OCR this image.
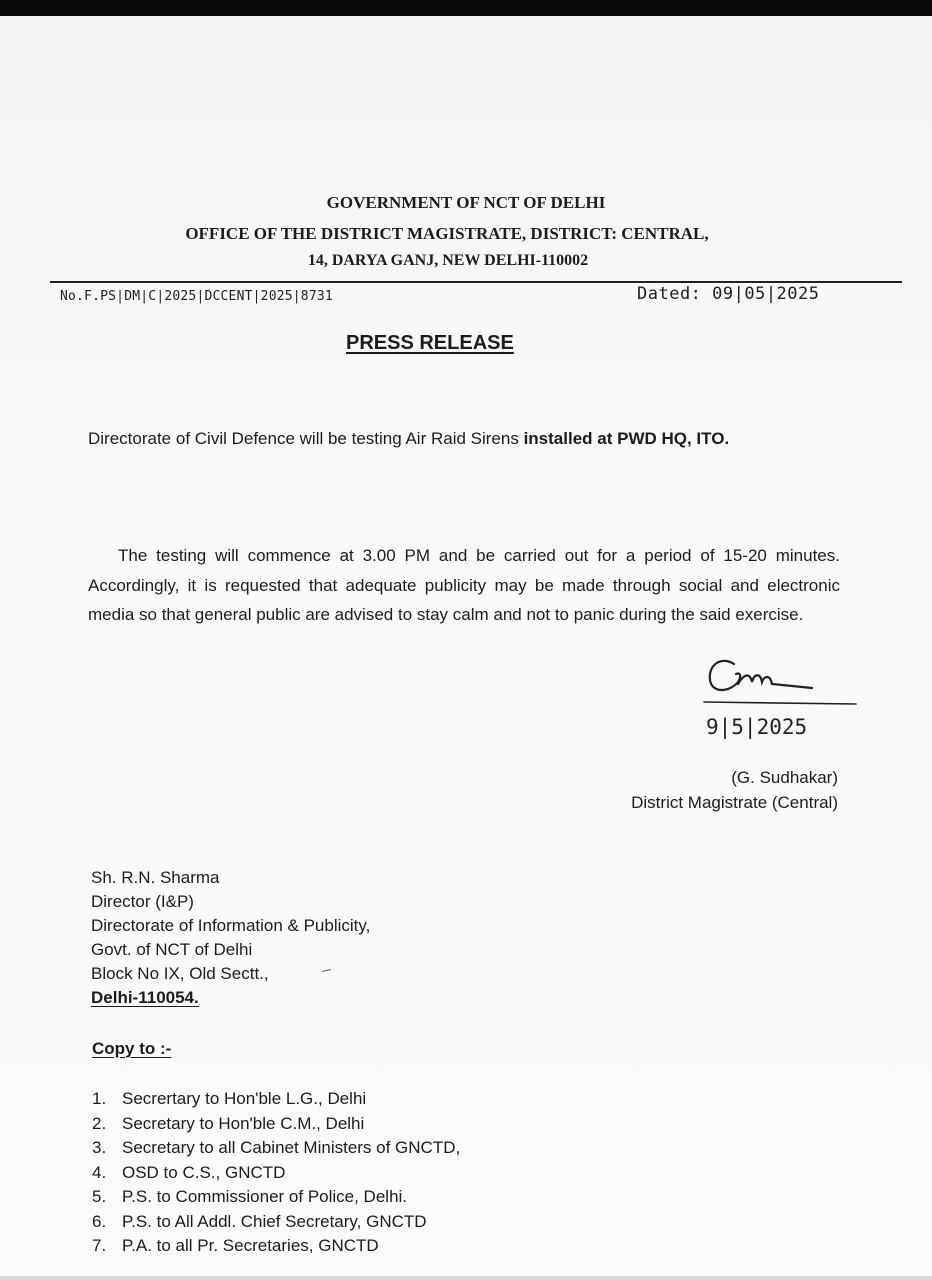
GOVERNMENT OF NCT OF DELHI
OFFICE OF THE DISTRICT MAGISTRATE, DISTRICT: CENTRAL,
14, DARYA GANJ, NEW DELHI-110002
No.F.PS|DM|C|2025|DCCENT|2025|8731	Dated: 09|05|2025
PRESS RELEASE
Directorate of Civil Defence will be testing Air Raid Sirens installed at PWD HQ, ITO.
The testing will commence at 3.00 PM and be carried out for a period of 15-20 minutes. Accordingly, it is requested that adequate publicity may be made through social and electronic media so that general public are advised to stay calm and not to panic during the said exercise.
9|5|2025
(G. Sudhakar)
District Magistrate (Central)
Sh. R.N. Sharma
Director (I&P)
Directorate of Information & Publicity,
Govt. of NCT of Delhi
Block No IX, Old Sectt.,
Delhi-110054.
Copy to :-
1. Secrertary to Hon'ble L.G., Delhi
2. Secretary to Hon'ble C.M., Delhi
3. Secretary to all Cabinet Ministers of GNCTD,
4. OSD to C.S., GNCTD
5. P.S. to Commissioner of Police, Delhi.
6. P.S. to All Addl. Chief Secretary, GNCTD
7. P.A. to all Pr. Secretaries, GNCTD
